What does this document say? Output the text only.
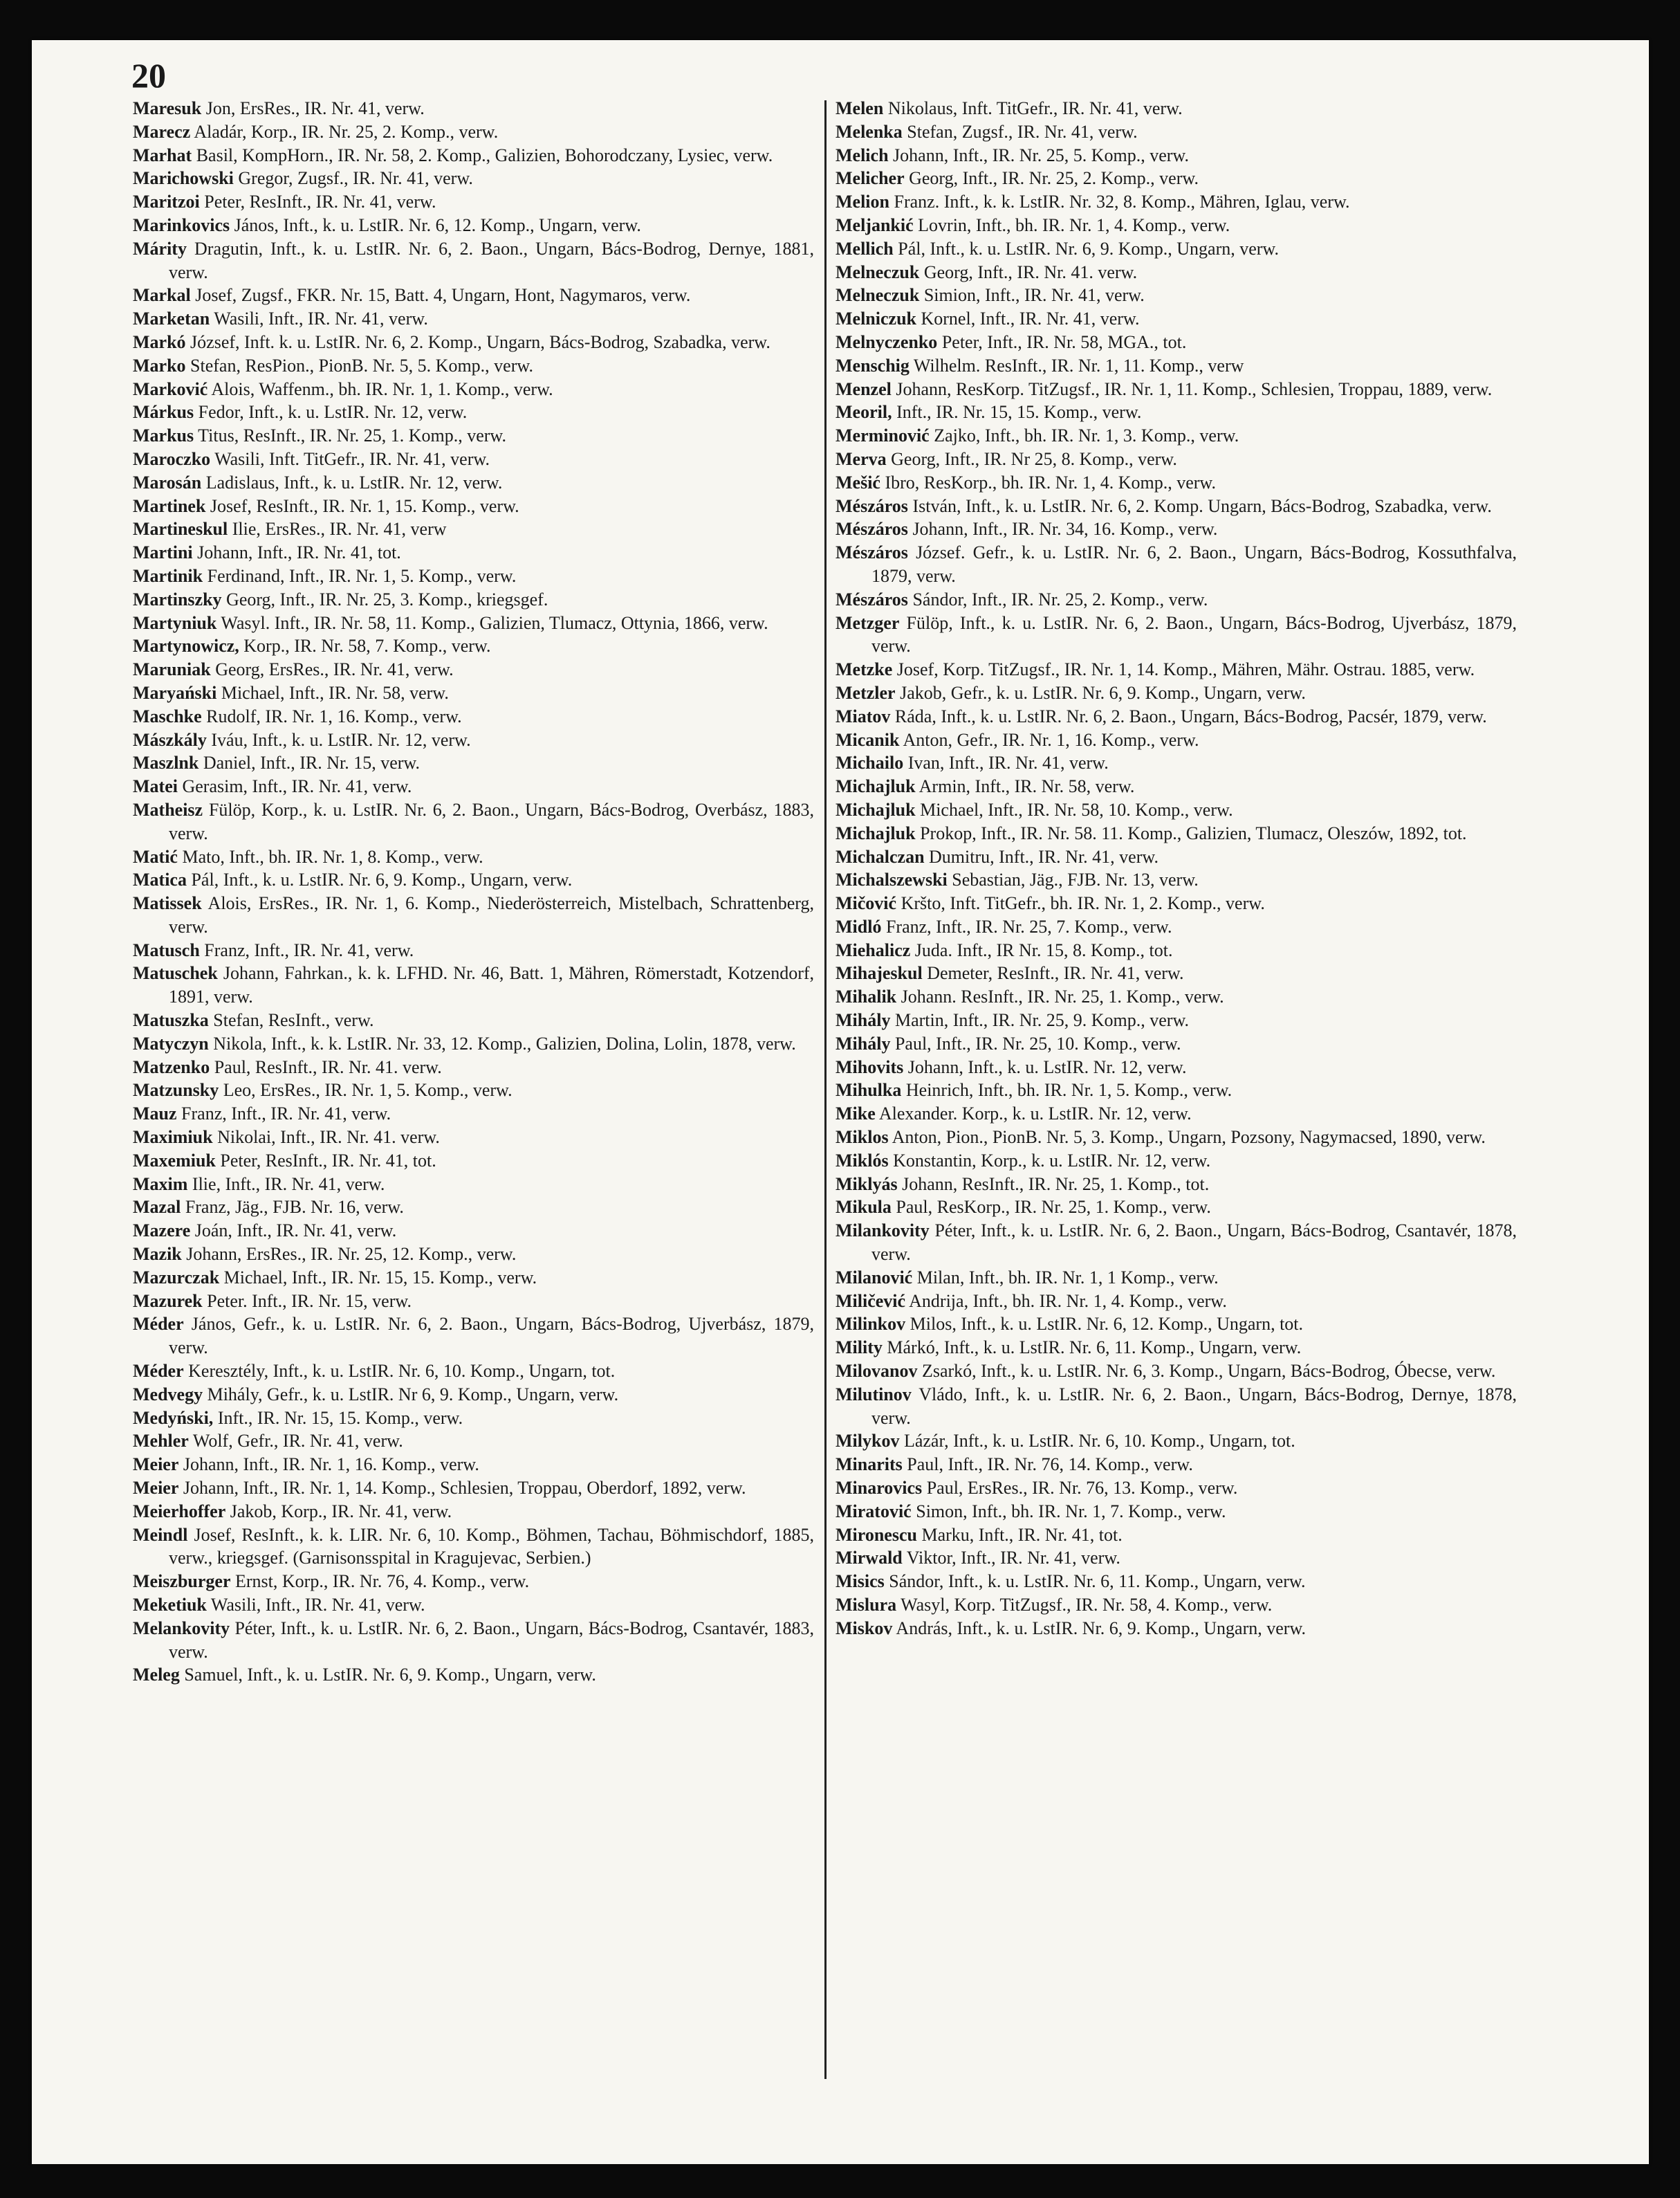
20

Maresuk Jon, ErsRes., IR. Nr. 41, verw.

Marecz Aladár, Korp., IR. Nr. 25, 2. Komp., verw.

Marhat Basil, KompHorn., IR. Nr. 58, 2. Komp., Galizien, Bohorodczany, Lysiec, verw.

Marichowski Gregor, Zugsf., IR. Nr. 41, verw.

Maritzoi Peter, ResInft., IR. Nr. 41, verw.

Marinkovics János, Inft., k. u. LstIR. Nr. 6, 12. Komp., Ungarn, verw.

Márity Dragutin, Inft., k. u. LstIR. Nr. 6, 2. Baon., Ungarn, Bács-Bodrog, Dernye, 1881, verw.

Markal Josef, Zugsf., FKR. Nr. 15, Batt. 4, Ungarn, Hont, Nagymaros, verw.

Marketan Wasili, Inft., IR. Nr. 41, verw.

Markó József, Inft. k. u. LstIR. Nr. 6, 2. Komp., Ungarn, Bács-Bodrog, Szabadka, verw.

Marko Stefan, ResPion., PionB. Nr. 5, 5. Komp., verw.

Marković Alois, Waffenm., bh. IR. Nr. 1, 1. Komp., verw.

Márkus Fedor, Inft., k. u. LstIR. Nr. 12, verw.

Markus Titus, ResInft., IR. Nr. 25, 1. Komp., verw.

Maroczko Wasili, Inft. TitGefr., IR. Nr. 41, verw.

Marosán Ladislaus, Inft., k. u. LstIR. Nr. 12, verw.

Martinek Josef, ResInft., IR. Nr. 1, 15. Komp., verw.

Martineskul Ilie, ErsRes., IR. Nr. 41, verw

Martini Johann, Inft., IR. Nr. 41, tot.

Martinik Ferdinand, Inft., IR. Nr. 1, 5. Komp., verw.

Martinszky Georg, Inft., IR. Nr. 25, 3. Komp., kriegsgef.

Martyniuk Wasyl. Inft., IR. Nr. 58, 11. Komp., Galizien, Tlumacz, Ottynia, 1866, verw.

Martynowicz, Korp., IR. Nr. 58, 7. Komp., verw.

Maruniak Georg, ErsRes., IR. Nr. 41, verw.

Maryański Michael, Inft., IR. Nr. 58, verw.

Maschke Rudolf, IR. Nr. 1, 16. Komp., verw.

Mászkály Iváu, Inft., k. u. LstIR. Nr. 12, verw.

Maszlnk Daniel, Inft., IR. Nr. 15, verw.

Matei Gerasim, Inft., IR. Nr. 41, verw.

Matheisz Fülöp, Korp., k. u. LstIR. Nr. 6, 2. Baon., Ungarn, Bács-Bodrog, Overbász, 1883, verw.

Matić Mato, Inft., bh. IR. Nr. 1, 8. Komp., verw.

Matica Pál, Inft., k. u. LstIR. Nr. 6, 9. Komp., Ungarn, verw.

Matissek Alois, ErsRes., IR. Nr. 1, 6. Komp., Niederösterreich, Mistelbach, Schrattenberg, verw.

Matusch Franz, Inft., IR. Nr. 41, verw.

Matuschek Johann, Fahrkan., k. k. LFHD. Nr. 46, Batt. 1, Mähren, Römerstadt, Kotzendorf, 1891, verw.

Matuszka Stefan, ResInft., verw.

Matyczyn Nikola, Inft., k. k. LstIR. Nr. 33, 12. Komp., Galizien, Dolina, Lolin, 1878, verw.

Matzenko Paul, ResInft., IR. Nr. 41. verw.

Matzunsky Leo, ErsRes., IR. Nr. 1, 5. Komp., verw.

Mauz Franz, Inft., IR. Nr. 41, verw.

Maximiuk Nikolai, Inft., IR. Nr. 41. verw.

Maxemiuk Peter, ResInft., IR. Nr. 41, tot.

Maxim Ilie, Inft., IR. Nr. 41, verw.

Mazal Franz, Jäg., FJB. Nr. 16, verw.

Mazere Joán, Inft., IR. Nr. 41, verw.

Mazik Johann, ErsRes., IR. Nr. 25, 12. Komp., verw.

Mazurczak Michael, Inft., IR. Nr. 15, 15. Komp., verw.

Mazurek Peter. Inft., IR. Nr. 15, verw.

Méder János, Gefr., k. u. LstIR. Nr. 6, 2. Baon., Ungarn, Bács-Bodrog, Ujverbász, 1879, verw.

Méder Keresztély, Inft., k. u. LstIR. Nr. 6, 10. Komp., Ungarn, tot.

Medvegy Mihály, Gefr., k. u. LstIR. Nr 6, 9. Komp., Ungarn, verw.

Medyński, Inft., IR. Nr. 15, 15. Komp., verw.

Mehler Wolf, Gefr., IR. Nr. 41, verw.

Meier Johann, Inft., IR. Nr. 1, 16. Komp., verw.

Meier Johann, Inft., IR. Nr. 1, 14. Komp., Schlesien, Troppau, Oberdorf, 1892, verw.

Meierhoffer Jakob, Korp., IR. Nr. 41, verw.

Meindl Josef, ResInft., k. k. LIR. Nr. 6, 10. Komp., Böhmen, Tachau, Böhmischdorf, 1885, verw., kriegsgef. (Garnisonsspital in Kragujevac, Serbien.)

Meiszburger Ernst, Korp., IR. Nr. 76, 4. Komp., verw.

Meketiuk Wasili, Inft., IR. Nr. 41, verw.

Melankovity Péter, Inft., k. u. LstIR. Nr. 6, 2. Baon., Ungarn, Bács-Bodrog, Csantavér, 1883, verw.

Meleg Samuel, Inft., k. u. LstIR. Nr. 6, 9. Komp., Ungarn, verw.

Melen Nikolaus, Inft. TitGefr., IR. Nr. 41, verw.

Melenka Stefan, Zugsf., IR. Nr. 41, verw.

Melich Johann, Inft., IR. Nr. 25, 5. Komp., verw.

Melicher Georg, Inft., IR. Nr. 25, 2. Komp., verw.

Melion Franz. Inft., k. k. LstIR. Nr. 32, 8. Komp., Mähren, Iglau, verw.

Meljankić Lovrin, Inft., bh. IR. Nr. 1, 4. Komp., verw.

Mellich Pál, Inft., k. u. LstIR. Nr. 6, 9. Komp., Ungarn, verw.

Melneczuk Georg, Inft., IR. Nr. 41. verw.

Melneczuk Simion, Inft., IR. Nr. 41, verw.

Melniczuk Kornel, Inft., IR. Nr. 41, verw.

Melnyczenko Peter, Inft., IR. Nr. 58, MGA., tot.

Menschig Wilhelm. ResInft., IR. Nr. 1, 11. Komp., verw

Menzel Johann, ResKorp. TitZugsf., IR. Nr. 1, 11. Komp., Schlesien, Troppau, 1889, verw.

Meoril, Inft., IR. Nr. 15, 15. Komp., verw.

Merminović Zajko, Inft., bh. IR. Nr. 1, 3. Komp., verw.

Merva Georg, Inft., IR. Nr 25, 8. Komp., verw.

Mešić Ibro, ResKorp., bh. IR. Nr. 1, 4. Komp., verw.

Mészáros István, Inft., k. u. LstIR. Nr. 6, 2. Komp. Ungarn, Bács-Bodrog, Szabadka, verw.

Mészáros Johann, Inft., IR. Nr. 34, 16. Komp., verw.

Mészáros József. Gefr., k. u. LstIR. Nr. 6, 2. Baon., Ungarn, Bács-Bodrog, Kossuthfalva, 1879, verw.

Mészáros Sándor, Inft., IR. Nr. 25, 2. Komp., verw.

Metzger Fülöp, Inft., k. u. LstIR. Nr. 6, 2. Baon., Ungarn, Bács-Bodrog, Ujverbász, 1879, verw.

Metzke Josef, Korp. TitZugsf., IR. Nr. 1, 14. Komp., Mähren, Mähr. Ostrau. 1885, verw.

Metzler Jakob, Gefr., k. u. LstIR. Nr. 6, 9. Komp., Ungarn, verw.

Miatov Ráda, Inft., k. u. LstIR. Nr. 6, 2. Baon., Ungarn, Bács-Bodrog, Pacsér, 1879, verw.

Micanik Anton, Gefr., IR. Nr. 1, 16. Komp., verw.

Michailo Ivan, Inft., IR. Nr. 41, verw.

Michajluk Armin, Inft., IR. Nr. 58, verw.

Michajluk Michael, Inft., IR. Nr. 58, 10. Komp., verw.

Michajluk Prokop, Inft., IR. Nr. 58. 11. Komp., Galizien, Tlumacz, Oleszów, 1892, tot.

Michalczan Dumitru, Inft., IR. Nr. 41, verw.

Michalszewski Sebastian, Jäg., FJB. Nr. 13, verw.

Mičović Kršto, Inft. TitGefr., bh. IR. Nr. 1, 2. Komp., verw.

Midló Franz, Inft., IR. Nr. 25, 7. Komp., verw.

Miehalicz Juda. Inft., IR Nr. 15, 8. Komp., tot.

Mihajeskul Demeter, ResInft., IR. Nr. 41, verw.

Mihalik Johann. ResInft., IR. Nr. 25, 1. Komp., verw.

Mihály Martin, Inft., IR. Nr. 25, 9. Komp., verw.

Mihály Paul, Inft., IR. Nr. 25, 10. Komp., verw.

Mihovits Johann, Inft., k. u. LstIR. Nr. 12, verw.

Mihulka Heinrich, Inft., bh. IR. Nr. 1, 5. Komp., verw.

Mike Alexander. Korp., k. u. LstIR. Nr. 12, verw.

Miklos Anton, Pion., PionB. Nr. 5, 3. Komp., Ungarn, Pozsony, Nagymacsed, 1890, verw.

Miklós Konstantin, Korp., k. u. LstIR. Nr. 12, verw.

Miklyás Johann, ResInft., IR. Nr. 25, 1. Komp., tot.

Mikula Paul, ResKorp., IR. Nr. 25, 1. Komp., verw.

Milankovity Péter, Inft., k. u. LstIR. Nr. 6, 2. Baon., Ungarn, Bács-Bodrog, Csantavér, 1878, verw.

Milanović Milan, Inft., bh. IR. Nr. 1, 1 Komp., verw.

Miličević Andrija, Inft., bh. IR. Nr. 1, 4. Komp., verw.

Milinkov Milos, Inft., k. u. LstIR. Nr. 6, 12. Komp., Ungarn, tot.

Mility Márkó, Inft., k. u. LstIR. Nr. 6, 11. Komp., Ungarn, verw.

Milovanov Zsarkó, Inft., k. u. LstIR. Nr. 6, 3. Komp., Ungarn, Bács-Bodrog, Óbecse, verw.

Milutinov Vládo, Inft., k. u. LstIR. Nr. 6, 2. Baon., Ungarn, Bács-Bodrog, Dernye, 1878, verw.

Milykov Lázár, Inft., k. u. LstIR. Nr. 6, 10. Komp., Ungarn, tot.

Minarits Paul, Inft., IR. Nr. 76, 14. Komp., verw.

Minarovics Paul, ErsRes., IR. Nr. 76, 13. Komp., verw.

Miratović Simon, Inft., bh. IR. Nr. 1, 7. Komp., verw.

Mironescu Marku, Inft., IR. Nr. 41, tot.

Mirwald Viktor, Inft., IR. Nr. 41, verw.

Misics Sándor, Inft., k. u. LstIR. Nr. 6, 11. Komp., Ungarn, verw.

Mislura Wasyl, Korp. TitZugsf., IR. Nr. 58, 4. Komp., verw.

Miskov András, Inft., k. u. LstIR. Nr. 6, 9. Komp., Ungarn, verw.
